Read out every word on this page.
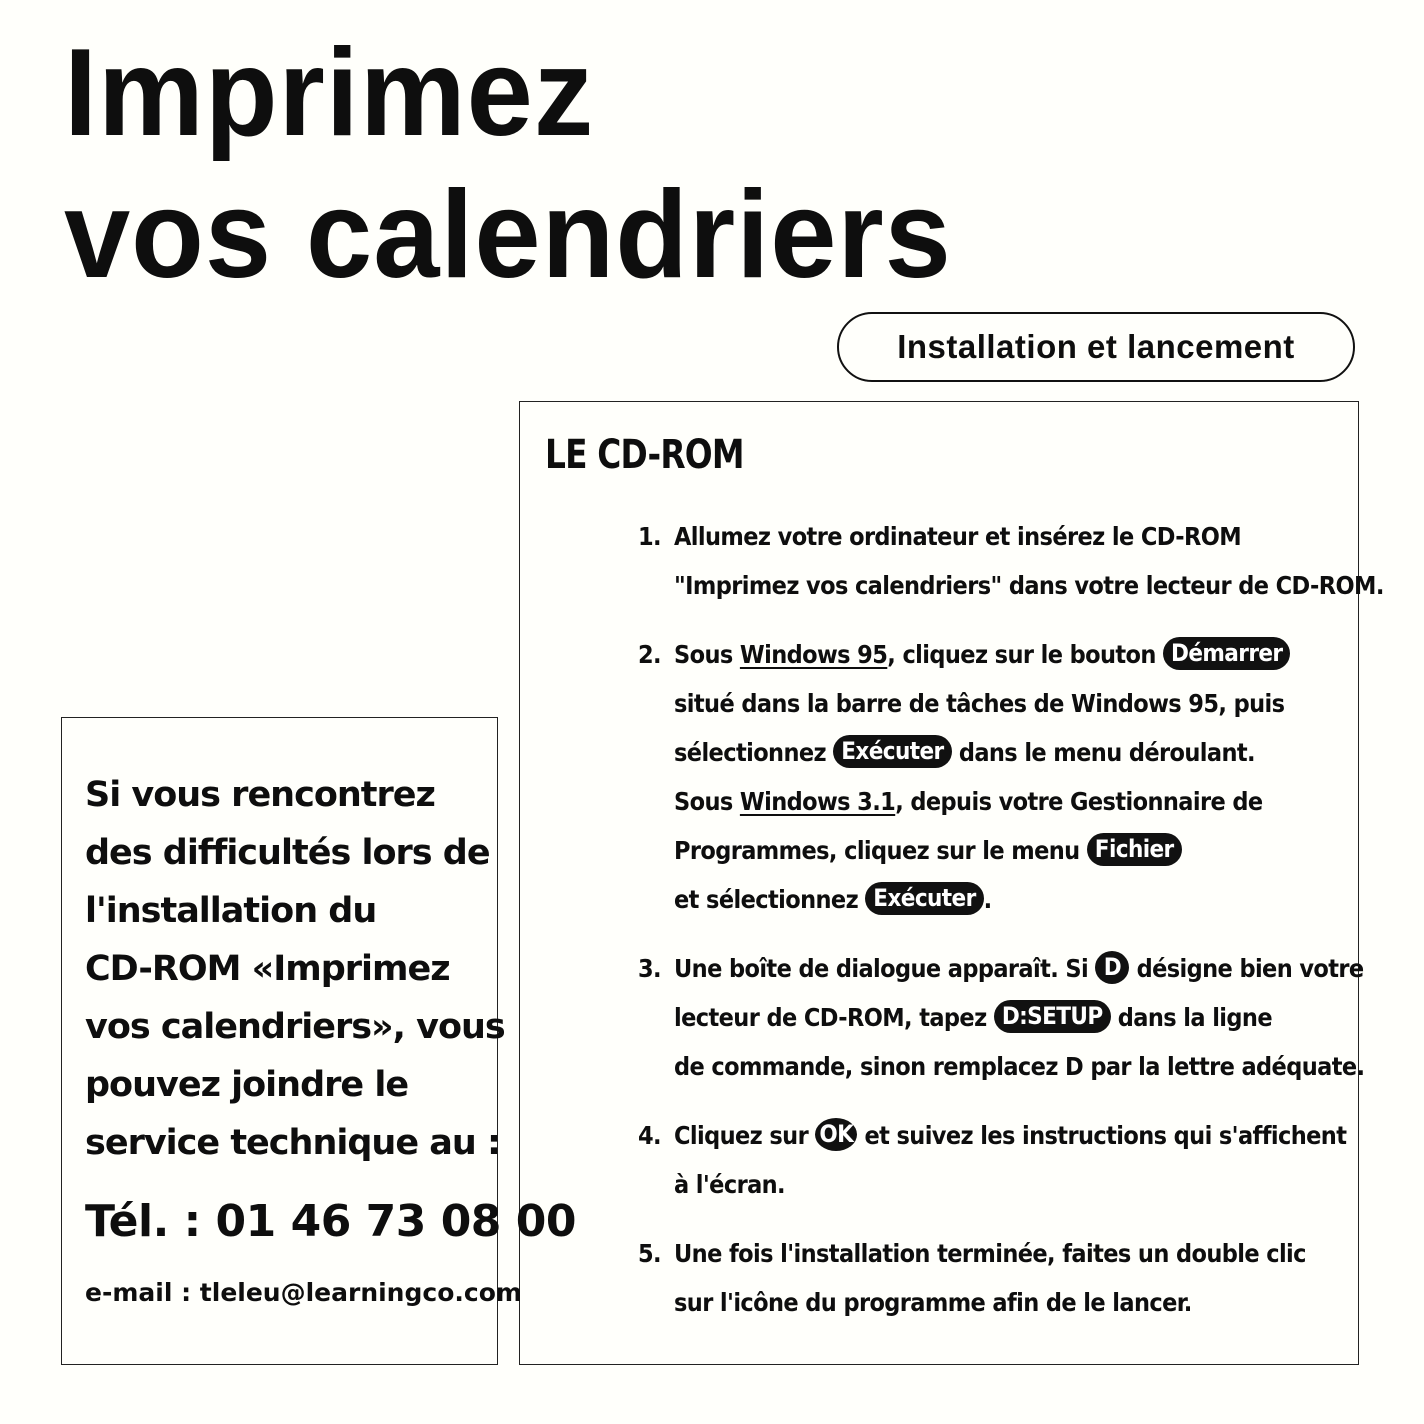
Imprimez
vos calendriers
Installation et lancement
LE CD-ROM
1. Allumez votre ordinateur et insérez le CD-ROM
"Imprimez vos calendriers" dans votre lecteur de CD-ROM.
2. Sous Windows 95, cliquez sur le bouton Démarrer
situé dans la barre de tâches de Windows 95, puis
sélectionnez Exécuter dans le menu déroulant.
Sous Windows 3.1, depuis votre Gestionnaire de
Programmes, cliquez sur le menu Fichier
et sélectionnez Exécuter .
3. Une boîte de dialogue apparaît. Si D désigne bien votre
lecteur de CD-ROM, tapez D:SETUP dans la ligne
de commande, sinon remplacez D par la lettre adéquate.
4. Cliquez sur OK et suivez les instructions qui s'affichent
à l'écran.
5. Une fois l'installation terminée, faites un double clic
sur l'icône du programme afin de le lancer.
Si vous rencontrez
des difficultés lors de
l'installation du
CD-ROM «Imprimez
vos calendriers», vous
pouvez joindre le
service technique au :
Tél. : 01 46 73 08 00
e-mail : tleleu@learningco.com
